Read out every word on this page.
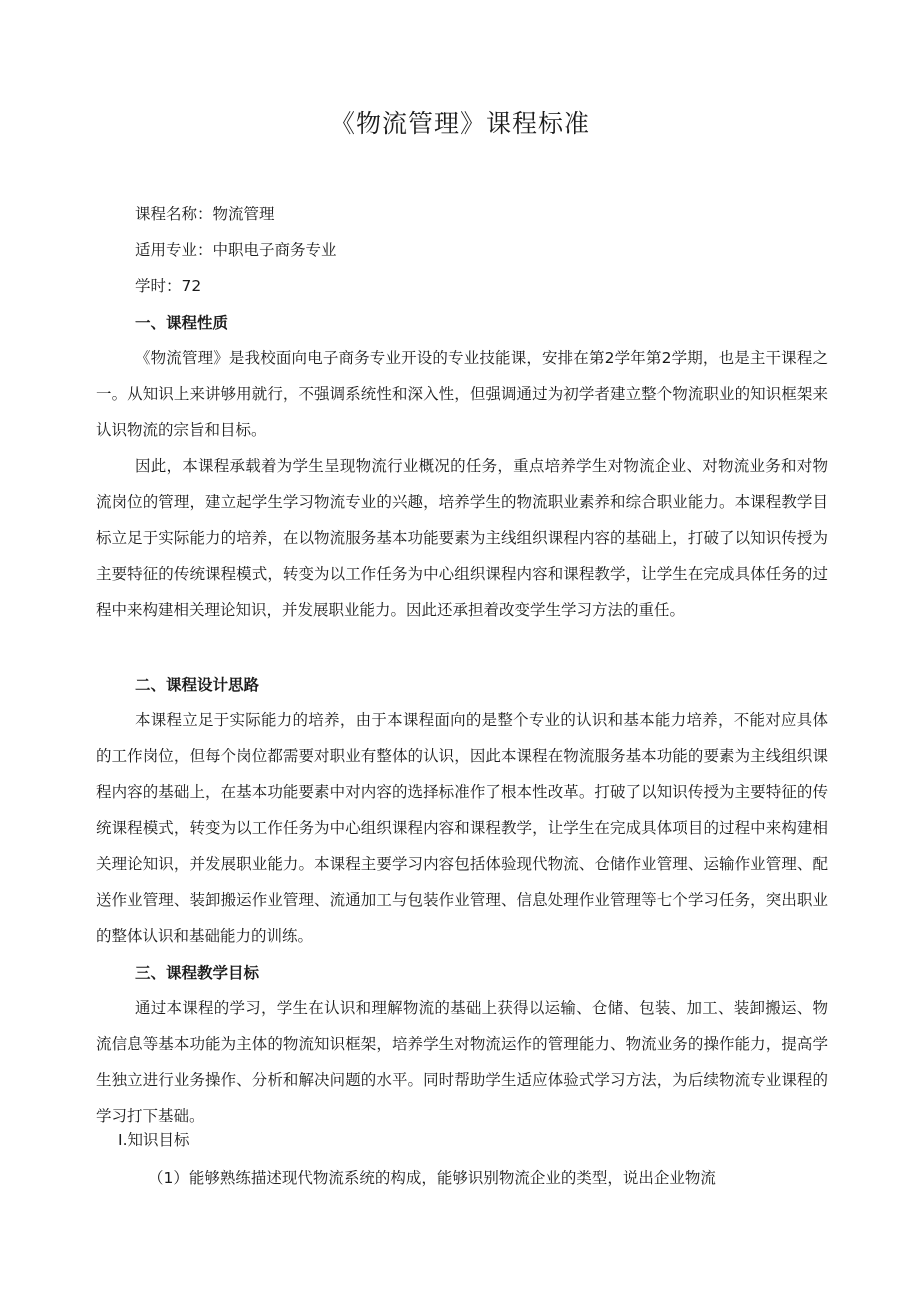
《物流管理》课程标准
课程名称：物流管理
适用专业：中职电子商务专业
学时：72
一、课程性质

《物流管理》是我校面向电子商务专业开设的专业技能课，安排在第2学年第2学期，也是主干课程之一。从知识上来讲够用就行，不强调系统性和深入性，但强调通过为初学者建立整个物流职业的知识框架来认识物流的宗旨和目标。

因此，本课程承载着为学生呈现物流行业概况的任务，重点培养学生对物流企业、对物流业务和对物流岗位的管理，建立起学生学习物流专业的兴趣，培养学生的物流职业素养和综合职业能力。本课程教学目标立足于实际能力的培养，在以物流服务基本功能要素为主线组织课程内容的基础上，打破了以知识传授为主要特征的传统课程模式，转变为以工作任务为中心组织课程内容和课程教学，让学生在完成具体任务的过程中来构建相关理论知识，并发展职业能力。因此还承担着改变学生学习方法的重任。

二、课程设计思路

本课程立足于实际能力的培养，由于本课程面向的是整个专业的认识和基本能力培养，不能对应具体的工作岗位，但每个岗位都需要对职业有整体的认识，因此本课程在物流服务基本功能的要素为主线组织课程内容的基础上，在基本功能要素中对内容的选择标准作了根本性改革。打破了以知识传授为主要特征的传统课程模式，转变为以工作任务为中心组织课程内容和课程教学，让学生在完成具体项目的过程中来构建相关理论知识，并发展职业能力。本课程主要学习内容包括体验现代物流、仓储作业管理、运输作业管理、配送作业管理、装卸搬运作业管理、流通加工与包装作业管理、信息处理作业管理等七个学习任务，突出职业的整体认识和基础能力的训练。

三、课程教学目标

通过本课程的学习，学生在认识和理解物流的基础上获得以运输、仓储、包装、加工、装卸搬运、物流信息等基本功能为主体的物流知识框架，培养学生对物流运作的管理能力、物流业务的操作能力，提高学生独立进行业务操作、分析和解决问题的水平。同时帮助学生适应体验式学习方法，为后续物流专业课程的学习打下基础。

Ⅰ.知识目标
（1）能够熟练描述现代物流系统的构成，能够识别物流企业的类型，说出企业物流
